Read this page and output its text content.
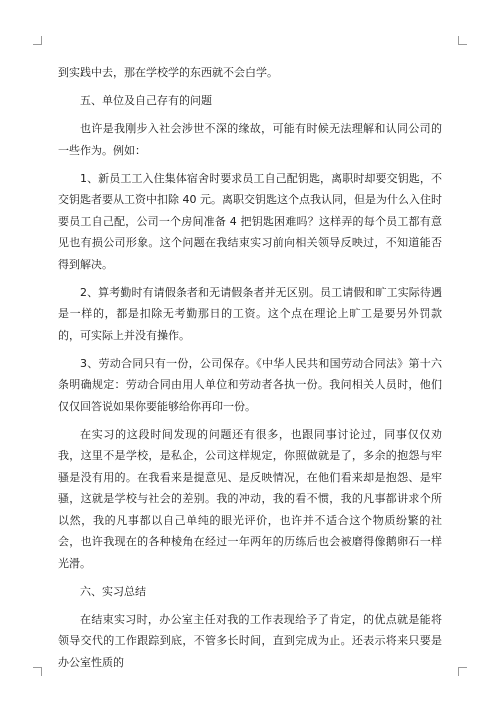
到实践中去，那在学校学的东西就不会白学。

五、单位及自己存有的问题

也许是我刚步入社会涉世不深的缘故，可能有时候无法理解和认同公司的一些作为。例如：

1、新员工工入住集体宿舍时要求员工自己配钥匙，离职时却要交钥匙，不交钥匙者要从工资中扣除 40 元。离职交钥匙这个点我认同，但是为什么入住时要员工自己配，公司一个房间准备 4 把钥匙困难吗？这样弄的每个员工都有意见也有损公司形象。这个问题在我结束实习前向相关领导反映过，不知道能否得到解决。

2、算考勤时有请假条者和无请假条者并无区别。员工请假和旷工实际待遇是一样的，都是扣除无考勤那日的工资。这个点在理论上旷工是要另外罚款的，可实际上并没有操作。

3、劳动合同只有一份，公司保存。《中华人民共和国劳动合同法》第十六条明确规定：劳动合同由用人单位和劳动者各执一份。我问相关人员时，他们仅仅回答说如果你要能够给你再印一份。

在实习的这段时间发现的问题还有很多，也跟同事讨论过，同事仅仅劝我，这里不是学校，是私企，公司这样规定，你照做就是了，多余的抱怨与牢骚是没有用的。在我看来是提意见、是反映情况，在他们看来却是抱怨、是牢骚，这就是学校与社会的差别。我的冲动，我的看不惯，我的凡事都讲求个所以然，我的凡事都以自己单纯的眼光评价，也许并不适合这个物质纷繁的社会，也许我现在的各种棱角在经过一年两年的历练后也会被磨得像鹅卵石一样光滑。

六、实习总结

在结束实习时，办公室主任对我的工作表现给予了肯定，的优点就是能将领导交代的工作跟踪到底，不管多长时间，直到完成为止。还表示将来只要是办公室性质的
